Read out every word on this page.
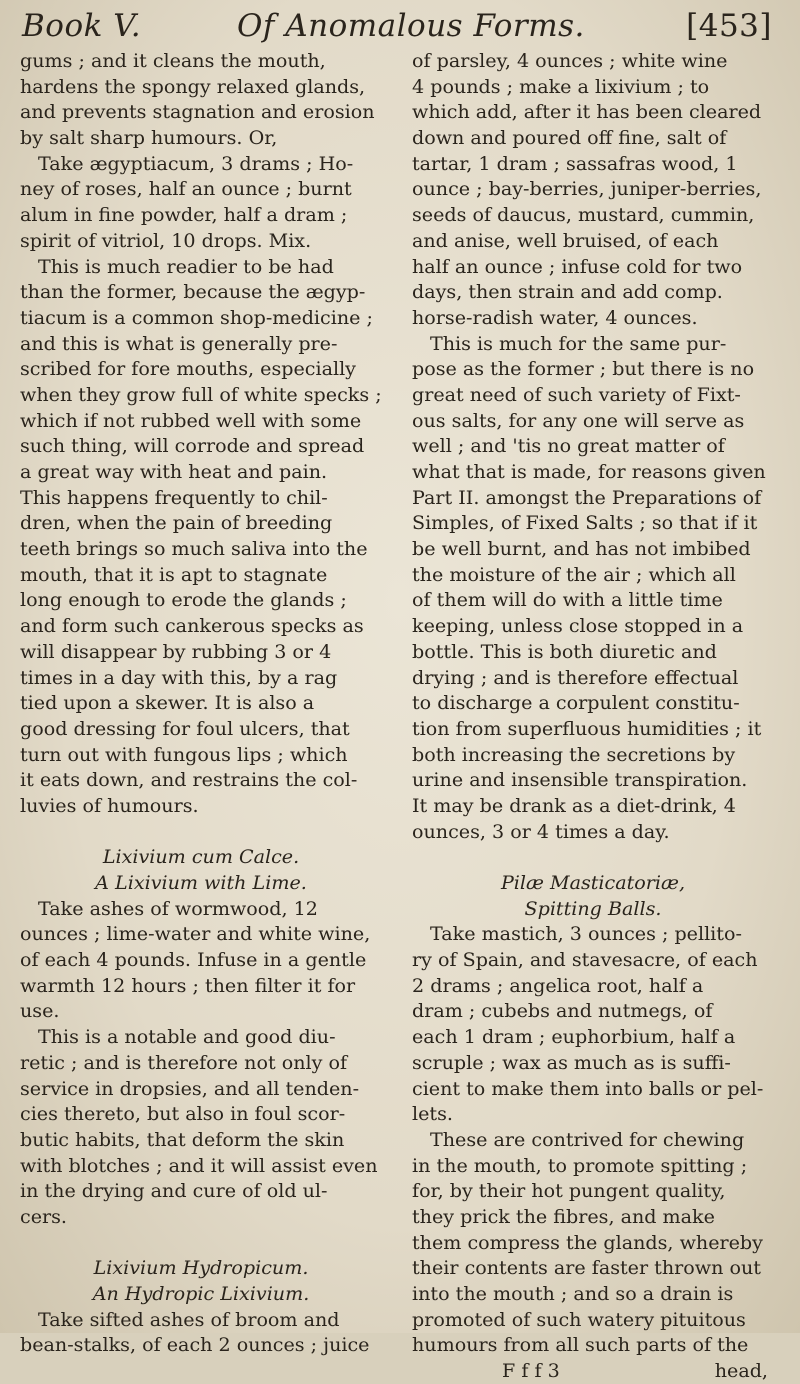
Book V.	Of Anomalous Forms.	[453]
gums ; and it cleans the mouth,
hardens the spongy relaxed glands,
and prevents stagnation and erosion
by salt sharp humours. Or,
Take ægyptiacum, 3 drams ; Ho-
ney of roses, half an ounce ; burnt
alum in fine powder, half a dram ;
spirit of vitriol, 10 drops. Mix.
This is much readier to be had
than the former, because the ægyp-
tiacum is a common shop-medicine ;
and this is what is generally pre-
scribed for fore mouths, especially
when they grow full of white specks ;
which if not rubbed well with some
such thing, will corrode and spread
a great way with heat and pain.
This happens frequently to chil-
dren, when the pain of breeding
teeth brings so much saliva into the
mouth, that it is apt to stagnate
long enough to erode the glands ;
and form such cankerous specks as
will disappear by rubbing 3 or 4
times in a day with this, by a rag
tied upon a skewer. It is also a
good dressing for foul ulcers, that
turn out with fungous lips ; which
it eats down, and restrains the col-
luvies of humours.
Lixivium cum Calce.
A Lixivium with Lime.
Take ashes of wormwood, 12
ounces ; lime-water and white wine,
of each 4 pounds. Infuse in a gentle
warmth 12 hours ; then filter it for
use.
This is a notable and good diu-
retic ; and is therefore not only of
service in dropsies, and all tenden-
cies thereto, but also in foul scor-
butic habits, that deform the skin
with blotches ; and it will assist even
in the drying and cure of old ul-
cers.
Lixivium Hydropicum.
An Hydropic Lixivium.
Take sifted ashes of broom and
bean-stalks, of each 2 ounces ; juice
of parsley, 4 ounces ; white wine
4 pounds ; make a lixivium ; to
which add, after it has been cleared
down and poured off fine, salt of
tartar, 1 dram ; sassafras wood, 1
ounce ; bay-berries, juniper-berries,
seeds of daucus, mustard, cummin,
and anise, well bruised, of each
half an ounce ; infuse cold for two
days, then strain and add comp.
horse-radish water, 4 ounces.
This is much for the same pur-
pose as the former ; but there is no
great need of such variety of Fixt-
ous salts, for any one will serve as
well ; and 'tis no great matter of
what that is made, for reasons given
Part II. amongst the Preparations of
Simples, of Fixed Salts ; so that if it
be well burnt, and has not imbibed
the moisture of the air ; which all
of them will do with a little time
keeping, unless close stopped in a
bottle. This is both diuretic and
drying ; and is therefore effectual
to discharge a corpulent constitu-
tion from superfluous humidities ; it
both increasing the secretions by
urine and insensible transpiration.
It may be drank as a diet-drink, 4
ounces, 3 or 4 times a day.
Pilæ Masticatoriæ,
Spitting Balls.
Take mastich, 3 ounces ; pellito-
ry of Spain, and stavesacre, of each
2 drams ; angelica root, half a
dram ; cubebs and nutmegs, of
each 1 dram ; euphorbium, half a
scruple ; wax as much as is suffi-
cient to make them into balls or pel-
lets.
These are contrived for chewing
in the mouth, to promote spitting ;
for, by their hot pungent quality,
they prick the fibres, and make
them compress the glands, whereby
their contents are faster thrown out
into the mouth ; and so a drain is
promoted of such watery pituitous
humours from all such parts of the
F f f 3	head,
